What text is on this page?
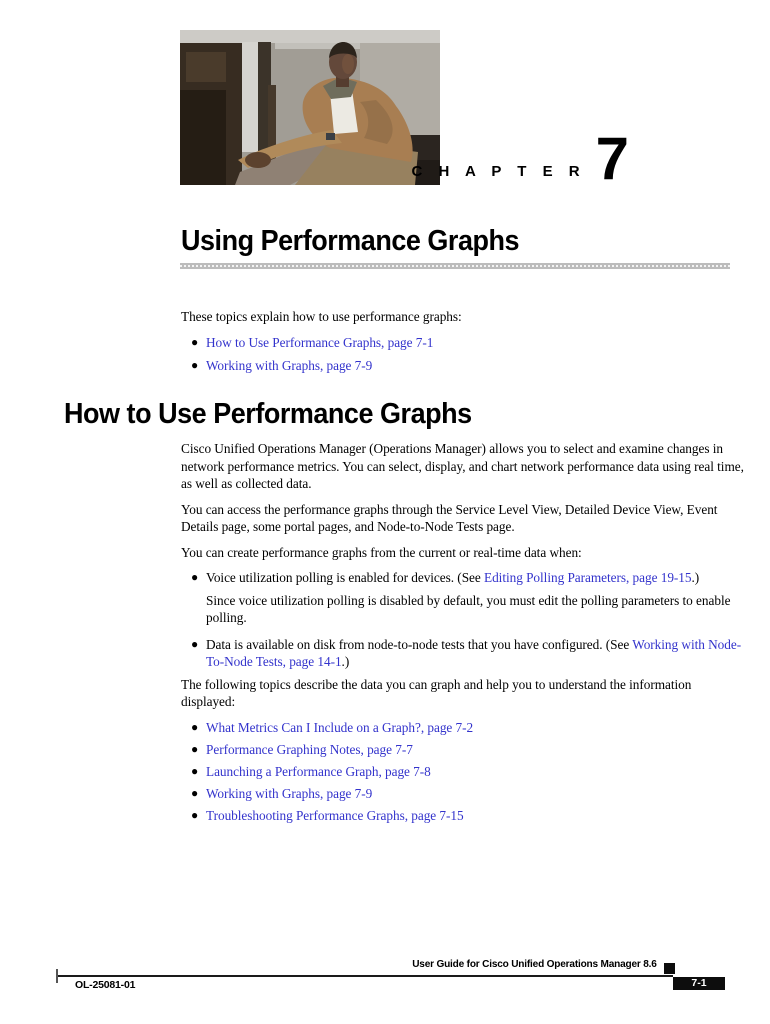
C H A P T E R 7
Using Performance Graphs

These topics explain how to use performance graphs:

● How to Use Performance Graphs, page 7-1
● Working with Graphs, page 7-9
How to Use Performance Graphs

Cisco Unified Operations Manager (Operations Manager) allows you to select and examine changes in network performance metrics. You can select, display, and chart network performance data using real time, as well as collected data.

You can access the performance graphs through the Service Level View, Detailed Device View, Event Details page, some portal pages, and Node-to-Node Tests page.

You can create performance graphs from the current or real-time data when:

● Voice utilization polling is enabled for devices. (See Editing Polling Parameters, page 19-15.)
Since voice utilization polling is disabled by default, you must edit the polling parameters to enable polling.
● Data is available on disk from node-to-node tests that you have configured. (See Working with Node-To-Node Tests, page 14-1.)

The following topics describe the data you can graph and help you to understand the information displayed:

● What Metrics Can I Include on a Graph?, page 7-2
● Performance Graphing Notes, page 7-7
● Launching a Performance Graph, page 7-8
● Working with Graphs, page 7-9
● Troubleshooting Performance Graphs, page 7-15
User Guide for Cisco Unified Operations Manager 8.6
OL-25081-01	7-1
